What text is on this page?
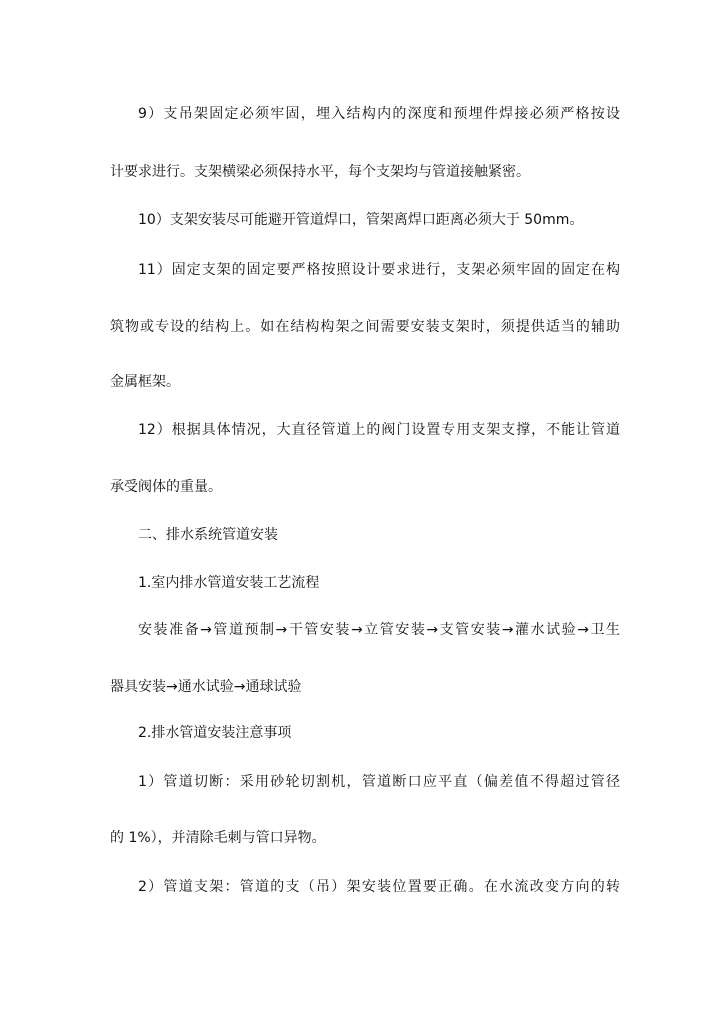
9）支吊架固定必须牢固，埋入结构内的深度和预埋件焊接必须严格按设
计要求进行。支架横梁必须保持水平，每个支架均与管道接触紧密。
10）支架安装尽可能避开管道焊口，管架离焊口距离必须大于 50mm。
11）固定支架的固定要严格按照设计要求进行，支架必须牢固的固定在构
筑物或专设的结构上。如在结构构架之间需要安装支架时，须提供适当的辅助
金属框架。
12）根据具体情况，大直径管道上的阀门设置专用支架支撑，不能让管道
承受阀体的重量。
二、排水系统管道安装
1.室内排水管道安装工艺流程
安装准备→管道预制→干管安装→立管安装→支管安装→灌水试验→卫生
器具安装→通水试验→通球试验
2.排水管道安装注意事项
1）管道切断：采用砂轮切割机，管道断口应平直（偏差值不得超过管径
的 1%），并清除毛刺与管口异物。
2）管道支架：管道的支（吊）架安装位置要正确。在水流改变方向的转
